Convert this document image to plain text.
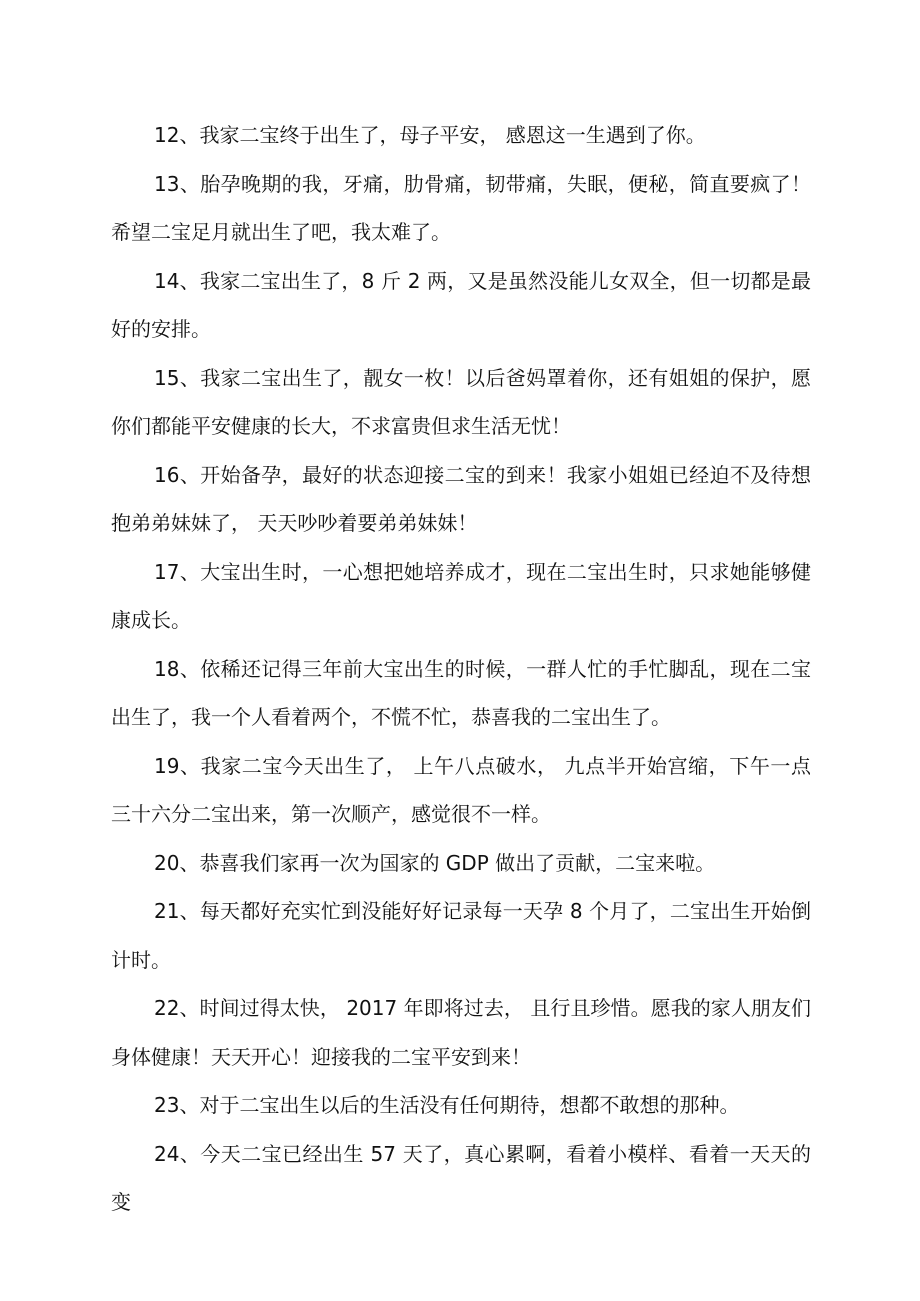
12、我家二宝终于出生了，母子平安， 感恩这一生遇到了你。

13、胎孕晚期的我，牙痛，肋骨痛，韧带痛，失眠，便秘，简直要疯了！希望二宝足月就出生了吧，我太难了。

14、我家二宝出生了，8 斤 2 两，又是虽然没能儿女双全，但一切都是最好的安排。

15、我家二宝出生了，靓女一枚！以后爸妈罩着你，还有姐姐的保护，愿你们都能平安健康的长大，不求富贵但求生活无忧！

16、开始备孕，最好的状态迎接二宝的到来！我家小姐姐已经迫不及待想抱弟弟妹妹了， 天天吵吵着要弟弟妹妹！

17、大宝出生时，一心想把她培养成才，现在二宝出生时，只求她能够健康成长。

18、依稀还记得三年前大宝出生的时候，一群人忙的手忙脚乱，现在二宝出生了，我一个人看着两个，不慌不忙，恭喜我的二宝出生了。

19、我家二宝今天出生了， 上午八点破水， 九点半开始宫缩，下午一点三十六分二宝出来，第一次顺产，感觉很不一样。

20、恭喜我们家再一次为国家的 GDP 做出了贡献，二宝来啦。

21、每天都好充实忙到没能好好记录每一天孕 8 个月了，二宝出生开始倒计时。

22、时间过得太快， 2017 年即将过去， 且行且珍惜。愿我的家人朋友们身体健康！天天开心！迎接我的二宝平安到来！

23、对于二宝出生以后的生活没有任何期待，想都不敢想的那种。

24、今天二宝已经出生 57 天了，真心累啊，看着小模样、看着一天天的变
